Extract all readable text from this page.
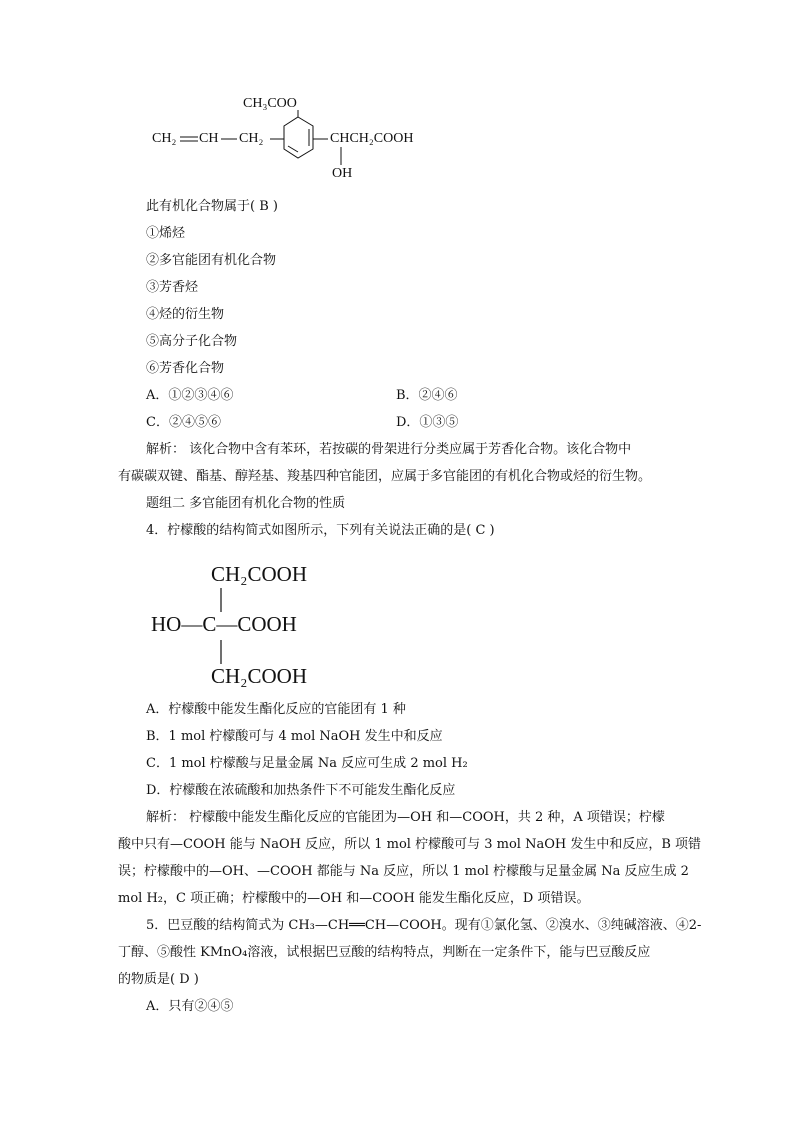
CH₃COO
CH₂ CH CH₂	CHCH₂COOH
OH
此有机化合物属于( B )
①烯烃
②多官能团有机化合物
③芳香烃
④烃的衍生物
⑤高分子化合物
⑥芳香化合物
A．①②③④⑥	B．②④⑥
C．②④⑤⑥	D．①③⑤
解析： 该化合物中含有苯环，若按碳的骨架进行分类应属于芳香化合物。该化合物中
有碳碳双键、酯基、醇羟基、羧基四种官能团，应属于多官能团的有机化合物或烃的衍生物。
题组二 多官能团有机化合物的性质
4．柠檬酸的结构简式如图所示，下列有关说法正确的是( C )
CH₂COOH
HO—C—COOH
CH₂COOH
A．柠檬酸中能发生酯化反应的官能团有 1 种
B．1 mol 柠檬酸可与 4 mol NaOH 发生中和反应
C．1 mol 柠檬酸与足量金属 Na 反应可生成 2 mol H₂
D．柠檬酸在浓硫酸和加热条件下不可能发生酯化反应
解析： 柠檬酸中能发生酯化反应的官能团为—OH 和—COOH，共 2 种，A 项错误；柠檬
酸中只有—COOH 能与 NaOH 反应，所以 1 mol 柠檬酸可与 3 mol NaOH 发生中和反应，B 项错
误；柠檬酸中的—OH、—COOH 都能与 Na 反应，所以 1 mol 柠檬酸与足量金属 Na 反应生成 2
mol H₂，C 项正确；柠檬酸中的—OH 和—COOH 能发生酯化反应，D 项错误。
5．巴豆酸的结构简式为 CH₃—CH══CH—COOH。现有①氯化氢、②溴水、③纯碱溶液、④2-
丁醇、⑤酸性 KMnO₄溶液，试根据巴豆酸的结构特点，判断在一定条件下，能与巴豆酸反应
的物质是( D )
A．只有②④⑤
